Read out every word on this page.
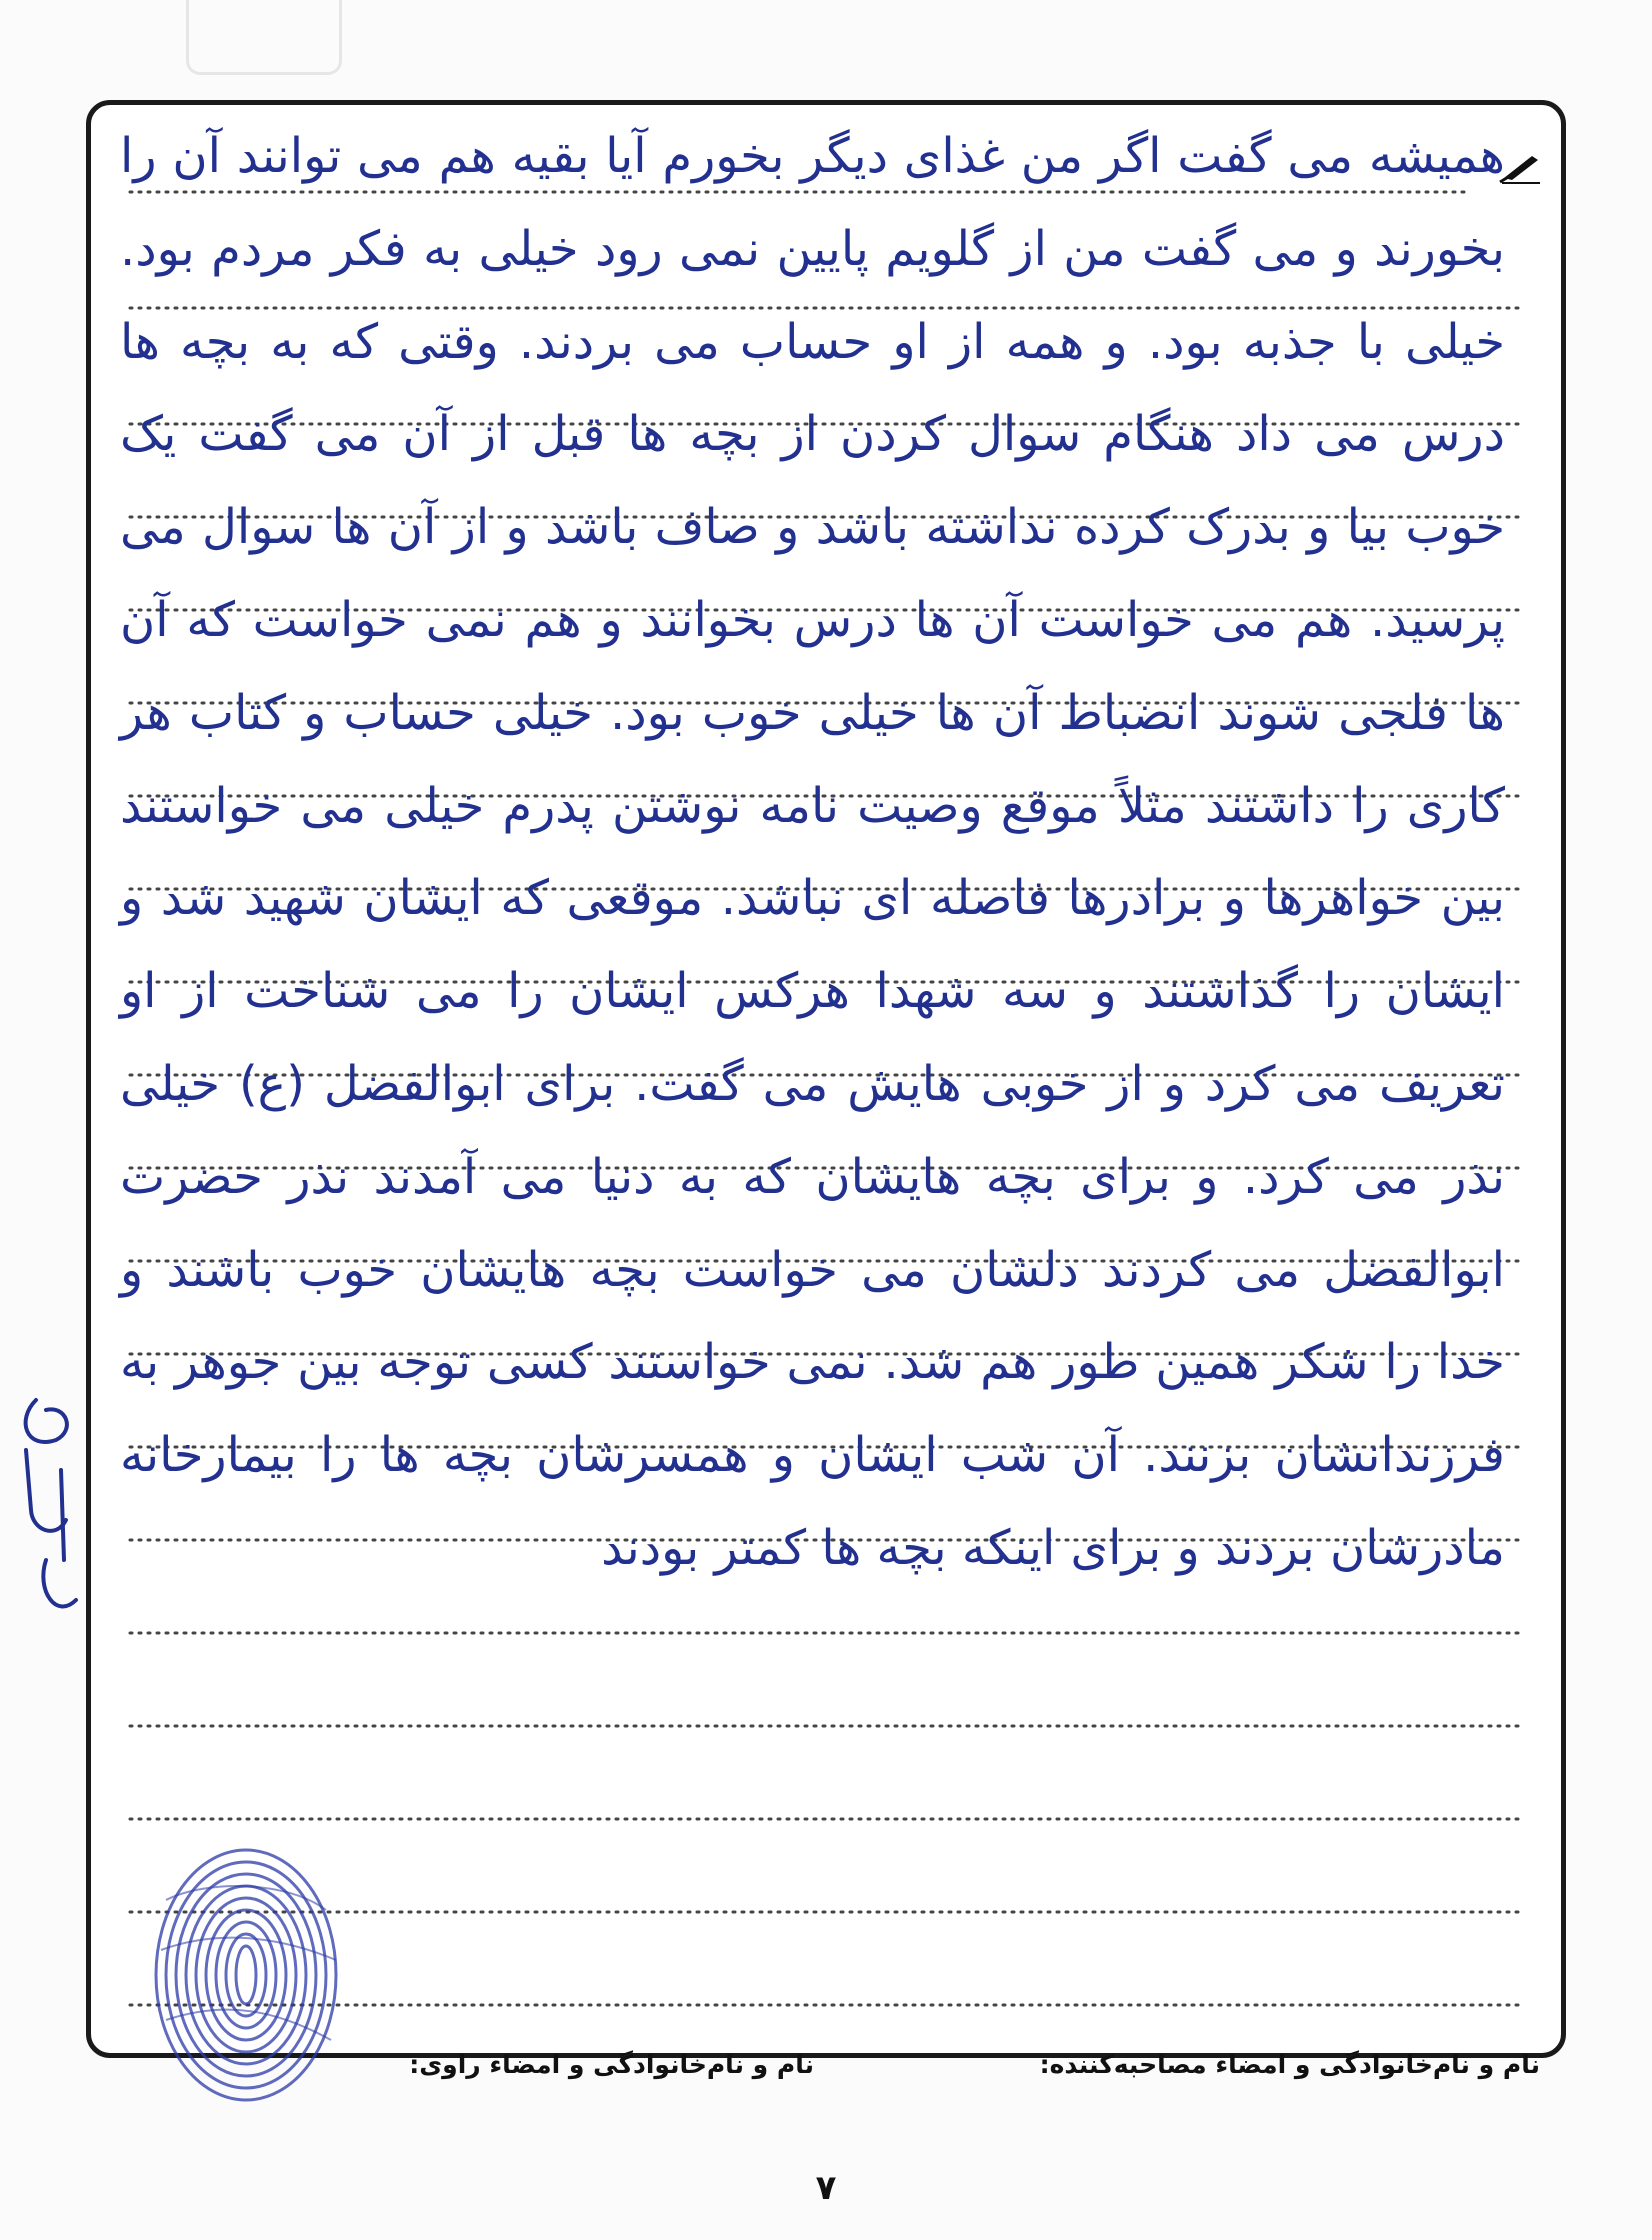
همیشه می گفت اگر من غذای دیگر بخورم آیا بقیه هم می توانند آن را بخورند و می گفت من از گلویم پایین نمی رود خیلی به فکر مردم بود. خیلی با جذبه بود. و همه از او حساب می بردند. وقتی که به بچه ها درس می داد هنگام سوال کردن از بچه ها قبل از آن می گفت یک خوب بیا و بدرک کرده نداشته باشد و صاف باشد و از آن ها سوال می پرسید. هم می خواست آن ها درس بخوانند و هم نمی خواست که آن ها فلجی شوند انضباط آن ها خیلی خوب بود. خیلی حساب و کتاب هر کاری را داشتند مثلاً موقع وصیت نامه نوشتن پدرم خیلی می خواستند بین خواهرها و برادرها فاصله ای نباشد. موقعی که ایشان شهید شد و ایشان را گذاشتند و سه شهدا هرکس ایشان را می شناخت از او تعریف می کرد و از خوبی هایش می گفت. برای ابوالفضل (ع) خیلی نذر می کرد. و برای بچه هایشان که به دنیا می آمدند نذر حضرت ابوالفضل می کردند دلشان می خواست بچه هایشان خوب باشند و خدا را شکر همین طور هم شد. نمی خواستند کسی توجه بین جوهر به فرزندانشان بزنند. آن شب ایشان و همسرشان بچه ها را بیمارخانه مادرشان بردند و برای اینکه بچه ها کمتر بودند
نام و نام‌خانوادگی و امضاء مصاحبه‌کننده:
نام و نام‌خانوادگی و امضاء راوی:
۷
